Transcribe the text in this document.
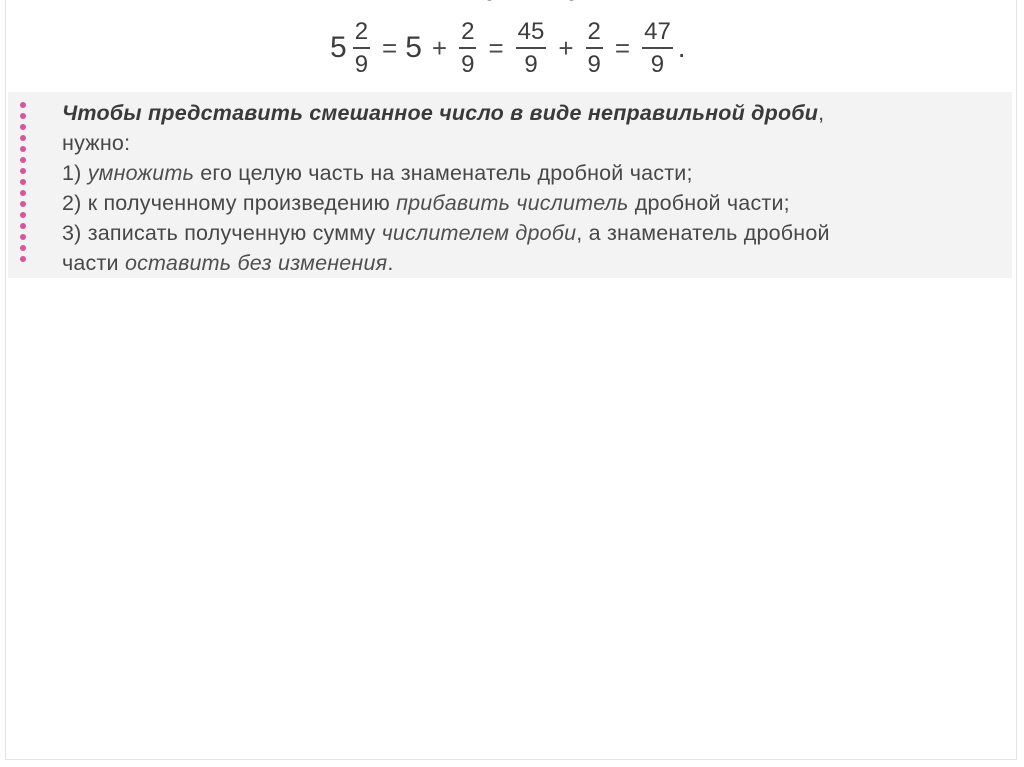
$5 \frac{2}{9} = 5 + \frac{2}{9} = \frac{45}{9} + \frac{2}{9} = \frac{47}{9}$ .
Чтобы представить смешанное число в виде неправильной дроби,
нужно:
1) умножить его целую часть на знаменатель дробной части;
2) к полученному произведению прибавить числитель дробной части;
3) записать полученную сумму числителем дроби, а знаменатель дробной
части оставить без изменения.
